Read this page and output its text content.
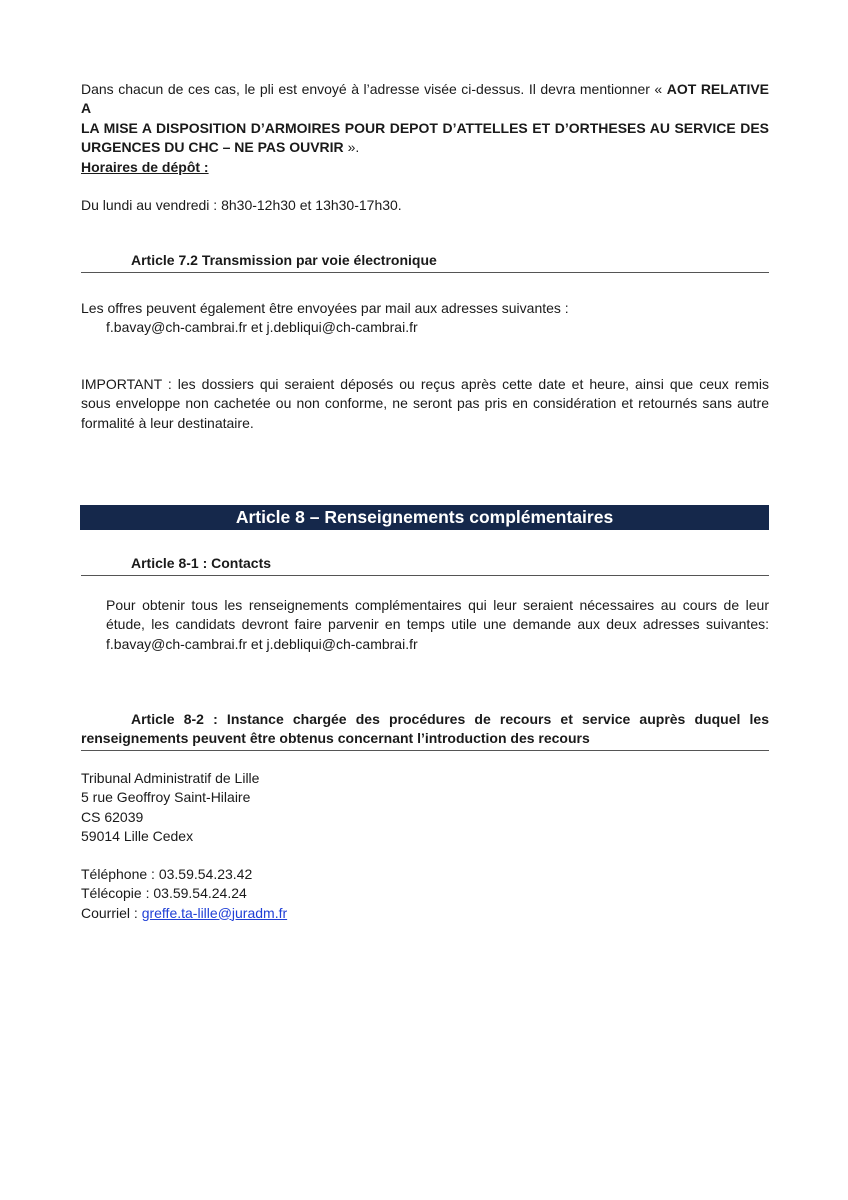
Dans chacun de ces cas, le pli est envoyé à l’adresse visée ci-dessus. Il devra mentionner « AOT RELATIVE A
LA MISE A DISPOSITION D’ARMOIRES POUR DEPOT D’ATTELLES ET D’ORTHESES AU SERVICE DES
URGENCES DU CHC – NE PAS OUVRIR ».
Horaires de dépôt :
Du lundi au vendredi : 8h30-12h30 et 13h30-17h30.
Article 7.2 Transmission par voie électronique
Les offres peuvent également être envoyées par mail aux adresses suivantes :
f.bavay@ch-cambrai.fr et j.debliqui@ch-cambrai.fr
IMPORTANT : les dossiers qui seraient déposés ou reçus après cette date et heure, ainsi que ceux remis
sous enveloppe non cachetée ou non conforme, ne seront pas pris en considération et retournés sans autre
formalité à leur destinataire.
Article 8 – Renseignements complémentaires
Article 8-1 : Contacts
Pour obtenir tous les renseignements complémentaires qui leur seraient nécessaires au cours de leur
étude, les candidats devront faire parvenir en temps utile une demande aux deux adresses suivantes:
f.bavay@ch-cambrai.fr et j.debliqui@ch-cambrai.fr
Article 8-2 : Instance chargée des procédures de recours et service auprès duquel les
renseignements peuvent être obtenus concernant l’introduction des recours
Tribunal Administratif de Lille
5 rue Geoffroy Saint-Hilaire
CS 62039
59014 Lille Cedex
Téléphone : 03.59.54.23.42
Télécopie : 03.59.54.24.24
Courriel : greffe.ta-lille@juradm.fr
